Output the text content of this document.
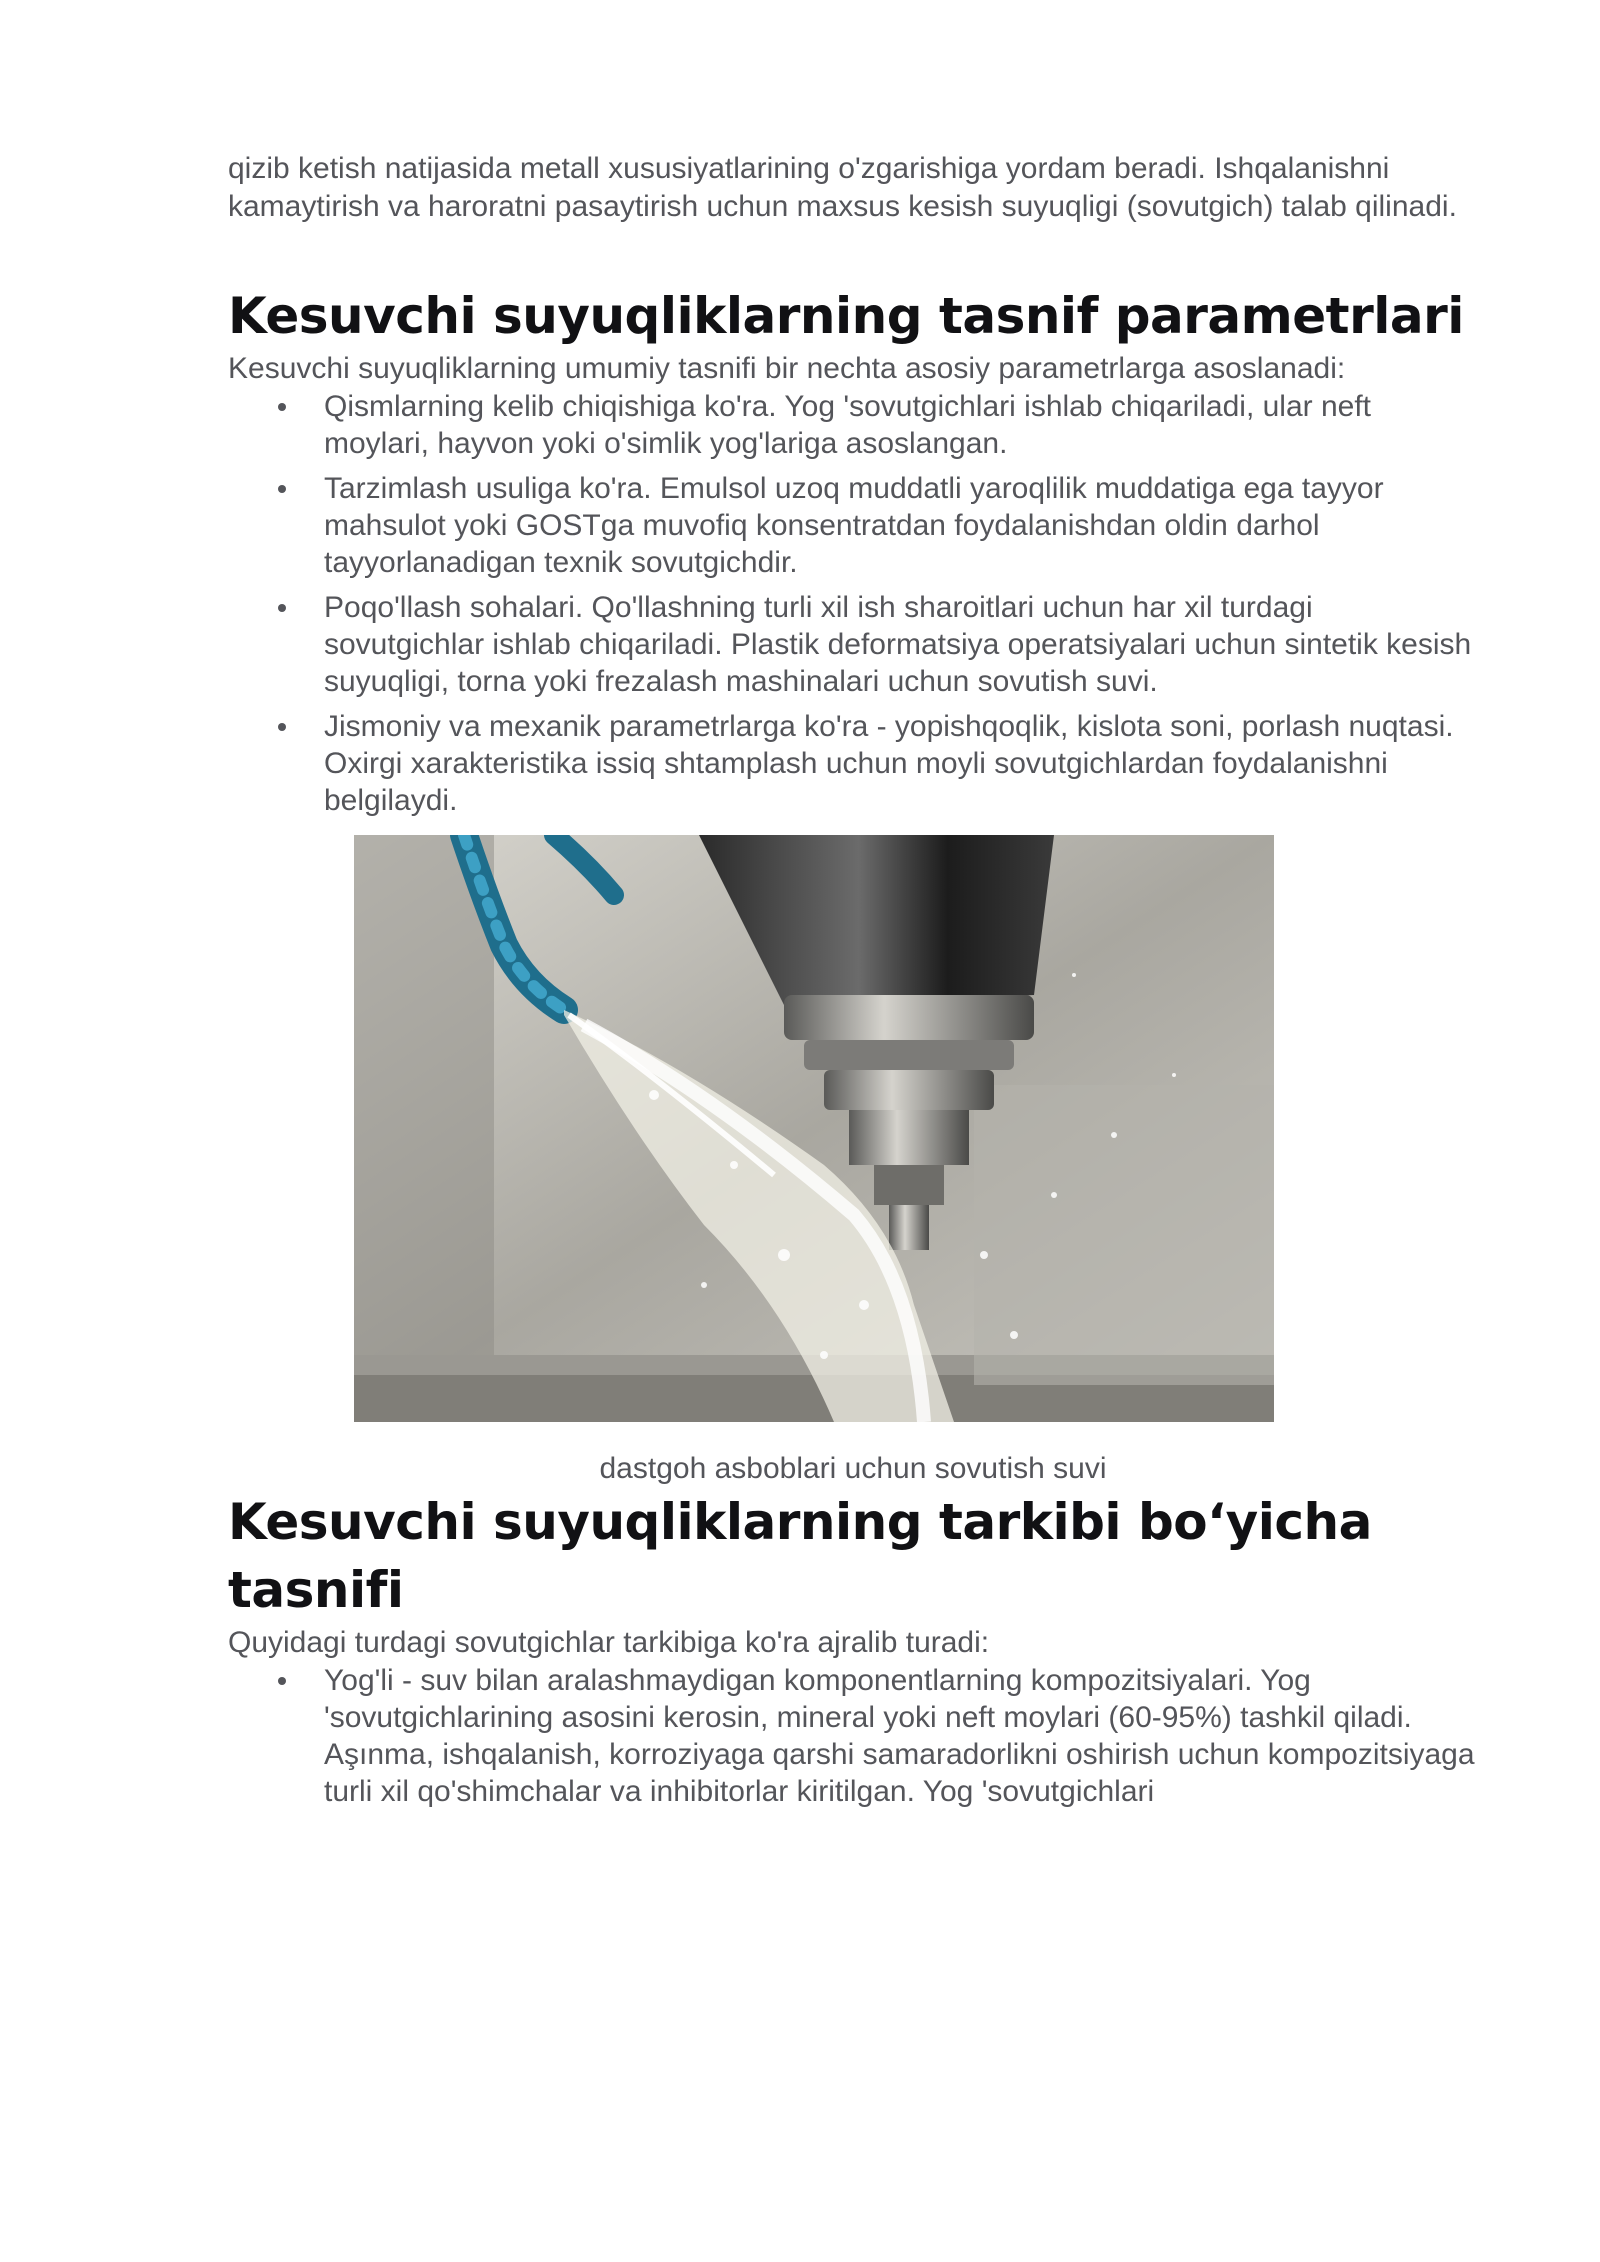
qizib ketish natijasida metall xususiyatlarining o'zgarishiga yordam beradi. Ishqalanishni kamaytirish va haroratni pasaytirish uchun maxsus kesish suyuqligi (sovutgich) talab qilinadi.

Kesuvchi suyuqliklarning tasnif parametrlari

Kesuvchi suyuqliklarning umumiy tasnifi bir nechta asosiy parametrlarga asoslanadi:

Qismlarning kelib chiqishiga ko'ra. Yog 'sovutgichlari ishlab chiqariladi, ular neft moylari, hayvon yoki o'simlik yog'lariga asoslangan.
Tarzimlash usuliga ko'ra. Emulsol uzoq muddatli yaroqlilik muddatiga ega tayyor mahsulot yoki GOSTga muvofiq konsentratdan foydalanishdan oldin darhol tayyorlanadigan texnik sovutgichdir.
Poqo'llash sohalari. Qo'llashning turli xil ish sharoitlari uchun har xil turdagi sovutgichlar ishlab chiqariladi. Plastik deformatsiya operatsiyalari uchun sintetik kesish suyuqligi, torna yoki frezalash mashinalari uchun sovutish suvi.
Jismoniy va mexanik parametrlarga ko'ra - yopishqoqlik, kislota soni, porlash nuqtasi. Oxirgi xarakteristika issiq shtamplash uchun moyli sovutgichlardan foydalanishni belgilaydi.
dastgoh asboblari uchun sovutish suvi
Kesuvchi suyuqliklarning tarkibi bo‘yicha tasnifi

Quyidagi turdagi sovutgichlar tarkibiga ko'ra ajralib turadi:

Yog'li - suv bilan aralashmaydigan komponentlarning kompozitsiyalari. Yog 'sovutgichlarining asosini kerosin, mineral yoki neft moylari (60-95%) tashkil qiladi. Aşınma, ishqalanish, korroziyaga qarshi samaradorlikni oshirish uchun kompozitsiyaga turli xil qo'shimchalar va inhibitorlar kiritilgan. Yog 'sovutgichlari
